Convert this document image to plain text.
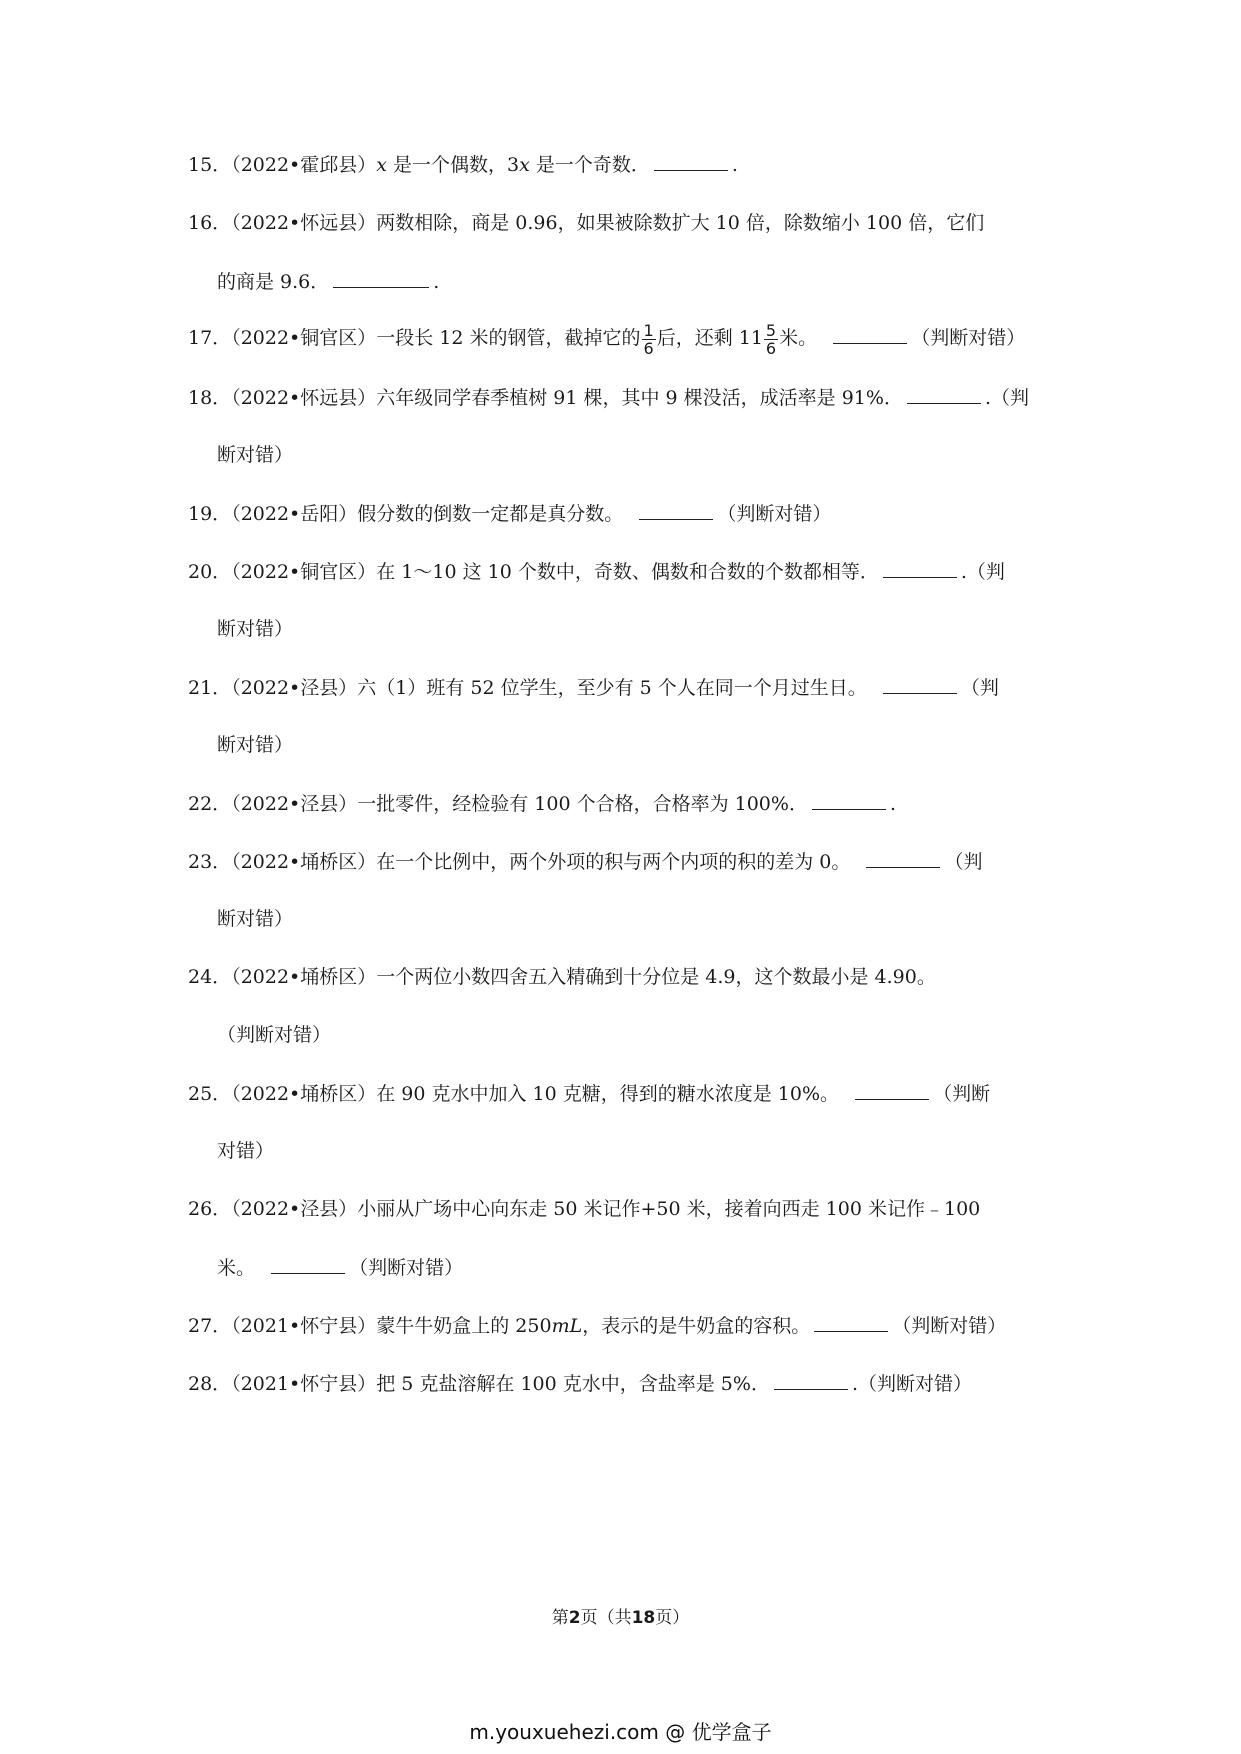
15．（2022•霍邱县）x 是一个偶数，3x 是一个奇数．	.
16．（2022•怀远县）两数相除，商是 0.96，如果被除数扩大 10 倍，除数缩小 100 倍，它们
的商是 9.6．	.
17．（2022•铜官区）一段长 12 米的钢管，截掉它的 $\frac{1}{6}$ 后，还剩 $11 \frac{5}{6}$ 米。	（判断对错）
18．（2022•怀远县）六年级同学春季植树 91 棵，其中 9 棵没活，成活率是 91%．	.（判
断对错）
19．（2022•岳阳）假分数的倒数一定都是真分数。	（判断对错）
20．（2022•铜官区）在 1～10 这 10 个数中，奇数、偶数和合数的个数都相等．	.（判
断对错）
21．（2022•泾县）六（1）班有 52 位学生，至少有 5 个人在同一个月过生日。	（判
断对错）
22．（2022•泾县）一批零件，经检验有 100 个合格，合格率为 100%．	.
23．（2022•埇桥区）在一个比例中，两个外项的积与两个内项的积的差为 0。	（判
断对错）
24．（2022•埇桥区）一个两位小数四舍五入精确到十分位是 4.9，这个数最小是 4.90。
（判断对错）
25．（2022•埇桥区）在 90 克水中加入 10 克糖，得到的糖水浓度是 10%。	（判断
对错）
26．（2022•泾县）小丽从广场中心向东走 50 米记作+50 米，接着向西走 100 米记作﹣100
米。	（判断对错）
27．（2021•怀宁县）蒙牛牛奶盒上的 250mL，表示的是牛奶盒的容积。	（判断对错）
28．（2021•怀宁县）把 5 克盐溶解在 100 克水中，含盐率是 5%．	.（判断对错）
第2页（共18页）
m.youxuehezi.com @ 优学盒子
